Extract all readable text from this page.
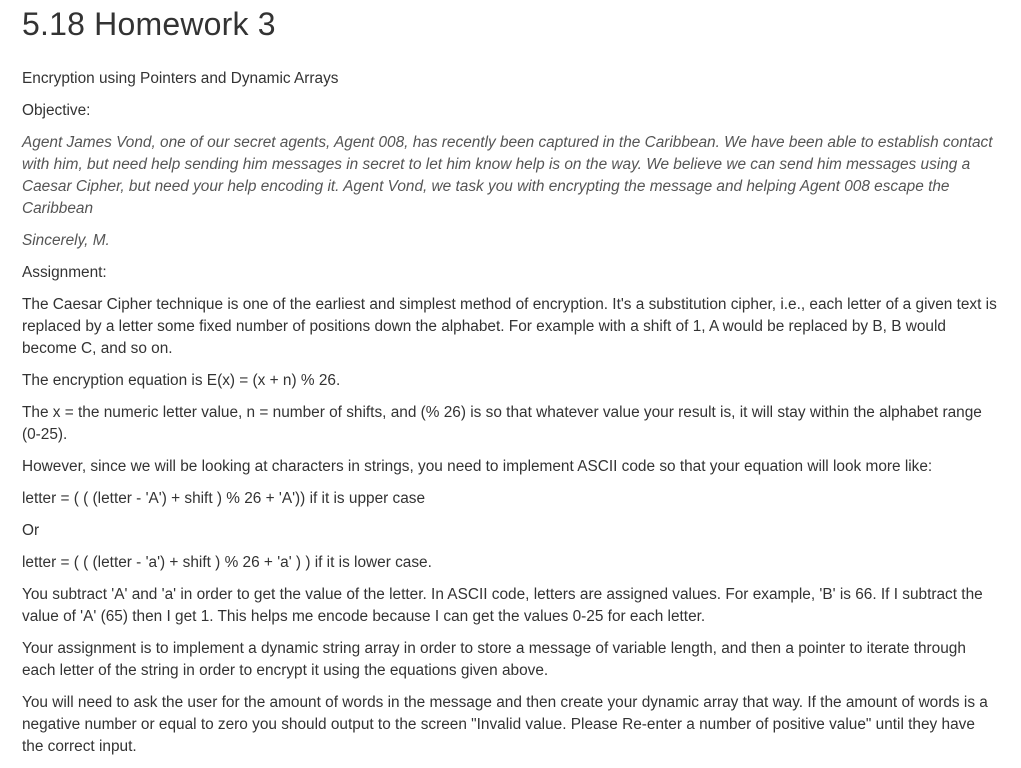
5.18 Homework 3

Encryption using Pointers and Dynamic Arrays

Objective:

Agent James Vond, one of our secret agents, Agent 008, has recently been captured in the Caribbean. We have been able to establish contact with him, but need help sending him messages in secret to let him know help is on the way. We believe we can send him messages using a Caesar Cipher, but need your help encoding it. Agent Vond, we task you with encrypting the message and helping Agent 008 escape the Caribbean

Sincerely, M.

Assignment:

The Caesar Cipher technique is one of the earliest and simplest method of encryption. It's a substitution cipher, i.e., each letter of a given text is replaced by a letter some fixed number of positions down the alphabet. For example with a shift of 1, A would be replaced by B, B would become C, and so on.

The encryption equation is E(x) = (x + n) % 26.

The x = the numeric letter value, n = number of shifts, and (% 26) is so that whatever value your result is, it will stay within the alphabet range (0-25).

However, since we will be looking at characters in strings, you need to implement ASCII code so that your equation will look more like:

letter = ( ( (letter - 'A') + shift ) % 26 + 'A')) if it is upper case

Or

letter = ( ( (letter - 'a') + shift ) % 26 + 'a' ) ) if it is lower case.

You subtract 'A' and 'a' in order to get the value of the letter. In ASCII code, letters are assigned values. For example, 'B' is 66. If I subtract the value of 'A' (65) then I get 1. This helps me encode because I can get the values 0-25 for each letter.

Your assignment is to implement a dynamic string array in order to store a message of variable length, and then a pointer to iterate through each letter of the string in order to encrypt it using the equations given above.

You will need to ask the user for the amount of words in the message and then create your dynamic array that way. If the amount of words is a negative number or equal to zero you should output to the screen "Invalid value. Please Re-enter a number of positive value" until they have the correct input.
